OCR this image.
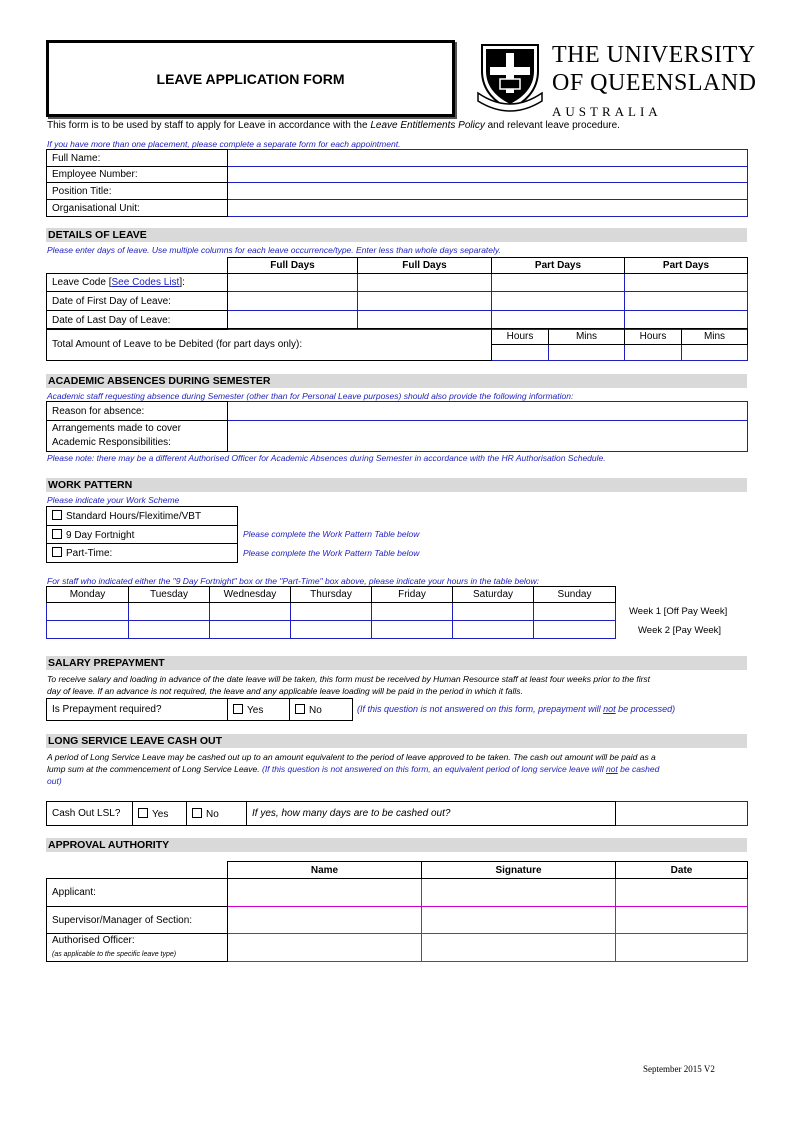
LEAVE APPLICATION FORM
THE UNIVERSITY
OF QUEENSLAND
AUSTRALIA
This form is to be used by staff to apply for Leave in accordance with the Leave Entitlements Policy and relevant leave procedure.
If you have more than one placement, please complete a separate form for each appointment.
Full Name:	
Employee Number:	
Position Title:	
Organisational Unit:	
DETAILS OF LEAVE
Please enter days of leave. Use multiple columns for each leave occurrence/type. Enter less than whole days separately.
	Full Days	Full Days	Part Days	Part Days
Leave Code [See Codes List]:				
Date of First Day of Leave:				
Date of Last Day of Leave:				
Total Amount of Leave to be Debited (for part days only):	Hours	Mins	Hours	Mins

ACADEMIC ABSENCES DURING SEMESTER
Academic staff requesting absence during Semester (other than for Personal Leave purposes) should also provide the following information:
Reason for absence:	
Arrangements made to cover
Academic Responsibilities:	
Please note: there may be a different Authorised Officer for Academic Absences during Semester in accordance with the HR Authorisation Schedule.
WORK PATTERN
Please indicate your Work Scheme
Standard Hours/Flexitime/VBT
9 Day Fortnight
Part-Time:
Please complete the Work Pattern Table below
Please complete the Work Pattern Table below
For staff who indicated either the "9 Day Fortnight" box or the "Part-Time" box above, please indicate your hours in the table below:
Monday	Tuesday	Wednesday	Thursday	Friday	Saturday	Sunday

Week 1 [Off Pay Week]
Week 2 [Pay Week]
SALARY PREPAYMENT
To receive salary and loading in advance of the date leave will be taken, this form must be received by Human Resource staff at least four weeks prior to the first
day of leave. If an advance is not required, the leave and any applicable leave loading will be paid in the period in which it falls.
Is Prepayment required?	Yes	No	(If this question is not answered on this form, prepayment will not be processed)
LONG SERVICE LEAVE CASH OUT
A period of Long Service Leave may be cashed out up to an amount equivalent to the period of leave approved to be taken. The cash out amount will be paid as a
lump sum at the commencement of Long Service Leave. (If this question is not answered on this form, an equivalent period of long service leave will not be cashed
out)
Cash Out LSL?	Yes	No	If yes, how many days are to be cashed out?	
APPROVAL AUTHORITY
	Name	Signature	Date
Applicant:			
Supervisor/Manager of Section:			
Authorised Officer:
(as applicable to the specific leave type)			
September 2015 V2
